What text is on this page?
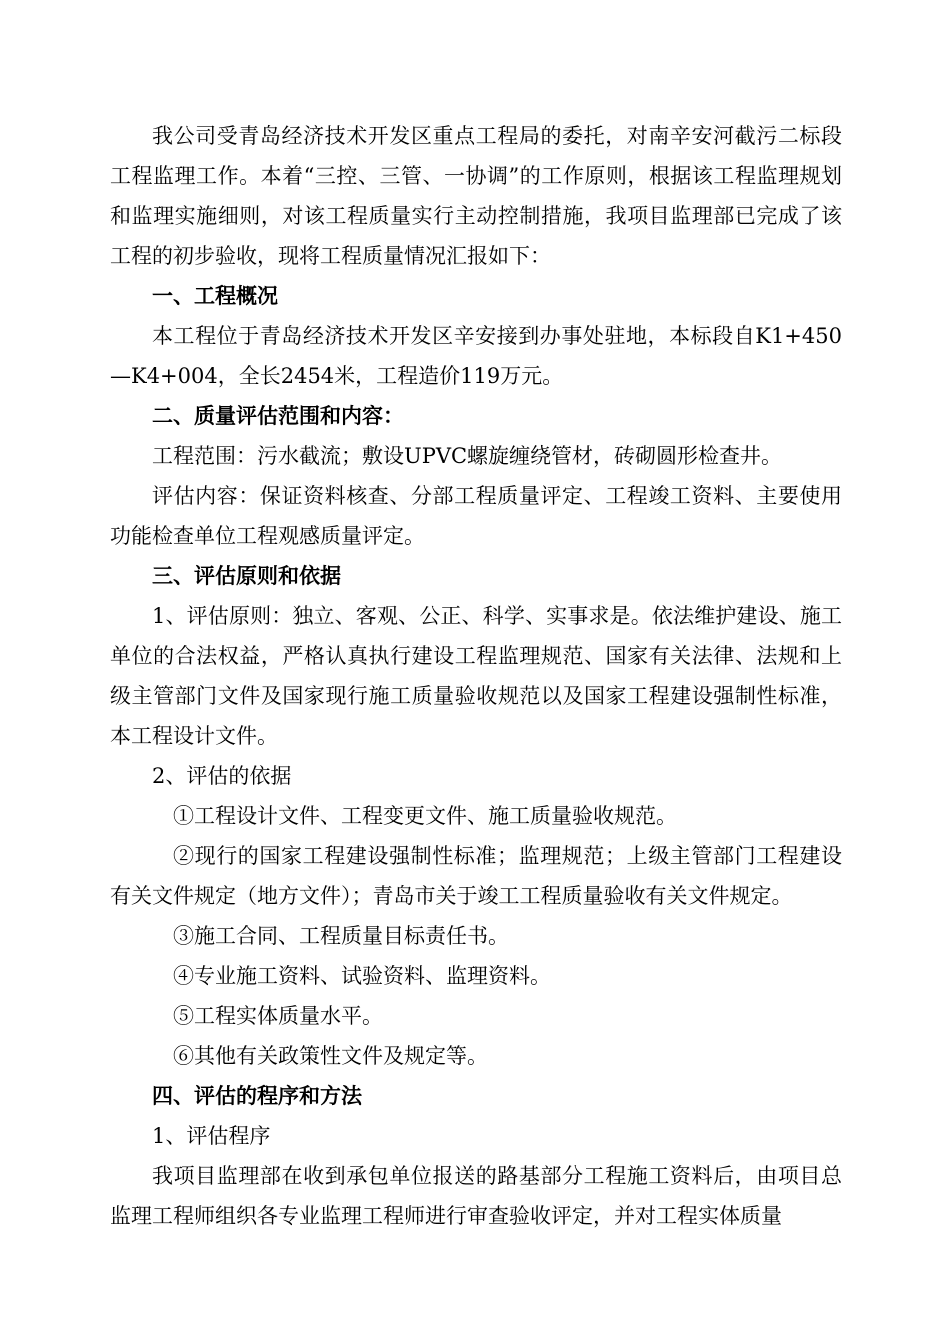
我公司受青岛经济技术开发区重点工程局的委托，对南辛安河截污二标段工程监理工作。本着“三控、三管、一协调”的工作原则，根据该工程监理规划和监理实施细则，对该工程质量实行主动控制措施，我项目监理部已完成了该工程的初步验收，现将工程质量情况汇报如下：

一、工程概况

本工程位于青岛经济技术开发区辛安接到办事处驻地，本标段自K1+450—K4+004，全长2454米，工程造价119万元。

二、质量评估范围和内容：

工程范围：污水截流；敷设UPVC螺旋缠绕管材，砖砌圆形检查井。

评估内容：保证资料核查、分部工程质量评定、工程竣工资料、主要使用功能检查单位工程观感质量评定。

三、评估原则和依据

1、评估原则：独立、客观、公正、科学、实事求是。依法维护建设、施工单位的合法权益，严格认真执行建设工程监理规范、国家有关法律、法规和上级主管部门文件及国家现行施工质量验收规范以及国家工程建设强制性标准，本工程设计文件。

2、评估的依据

①工程设计文件、工程变更文件、施工质量验收规范。

②现行的国家工程建设强制性标准；监理规范；上级主管部门工程建设有关文件规定（地方文件）；青岛市关于竣工工程质量验收有关文件规定。

③施工合同、工程质量目标责任书。

④专业施工资料、试验资料、监理资料。

⑤工程实体质量水平。

⑥其他有关政策性文件及规定等。

四、评估的程序和方法

1、评估程序

我项目监理部在收到承包单位报送的路基部分工程施工资料后，由项目总监理工程师组织各专业监理工程师进行审查验收评定，并对工程实体质量
